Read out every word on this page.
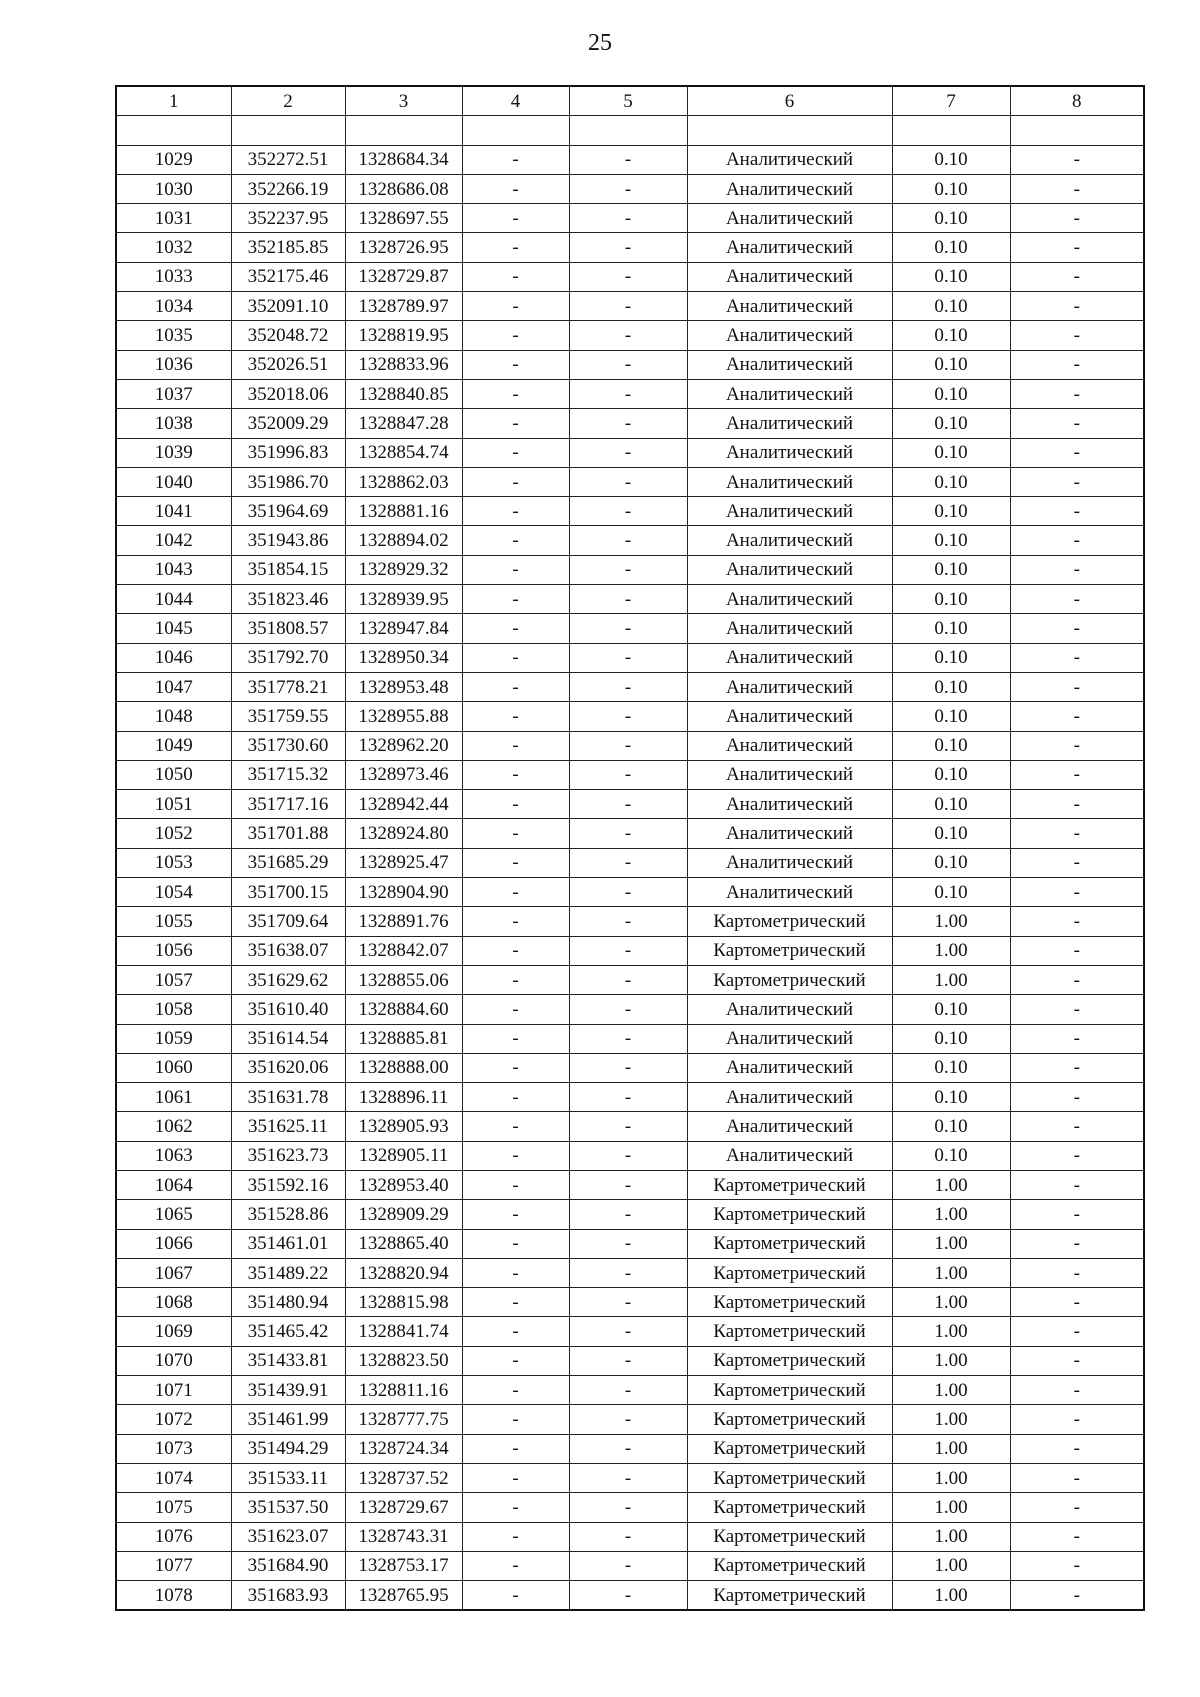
25
1	2	3	4	5	6	7	8

1029	352272.51	1328684.34	-	-	Аналитический	0.10	-
1030	352266.19	1328686.08	-	-	Аналитический	0.10	-
1031	352237.95	1328697.55	-	-	Аналитический	0.10	-
1032	352185.85	1328726.95	-	-	Аналитический	0.10	-
1033	352175.46	1328729.87	-	-	Аналитический	0.10	-
1034	352091.10	1328789.97	-	-	Аналитический	0.10	-
1035	352048.72	1328819.95	-	-	Аналитический	0.10	-
1036	352026.51	1328833.96	-	-	Аналитический	0.10	-
1037	352018.06	1328840.85	-	-	Аналитический	0.10	-
1038	352009.29	1328847.28	-	-	Аналитический	0.10	-
1039	351996.83	1328854.74	-	-	Аналитический	0.10	-
1040	351986.70	1328862.03	-	-	Аналитический	0.10	-
1041	351964.69	1328881.16	-	-	Аналитический	0.10	-
1042	351943.86	1328894.02	-	-	Аналитический	0.10	-
1043	351854.15	1328929.32	-	-	Аналитический	0.10	-
1044	351823.46	1328939.95	-	-	Аналитический	0.10	-
1045	351808.57	1328947.84	-	-	Аналитический	0.10	-
1046	351792.70	1328950.34	-	-	Аналитический	0.10	-
1047	351778.21	1328953.48	-	-	Аналитический	0.10	-
1048	351759.55	1328955.88	-	-	Аналитический	0.10	-
1049	351730.60	1328962.20	-	-	Аналитический	0.10	-
1050	351715.32	1328973.46	-	-	Аналитический	0.10	-
1051	351717.16	1328942.44	-	-	Аналитический	0.10	-
1052	351701.88	1328924.80	-	-	Аналитический	0.10	-
1053	351685.29	1328925.47	-	-	Аналитический	0.10	-
1054	351700.15	1328904.90	-	-	Аналитический	0.10	-
1055	351709.64	1328891.76	-	-	Картометрический	1.00	-
1056	351638.07	1328842.07	-	-	Картометрический	1.00	-
1057	351629.62	1328855.06	-	-	Картометрический	1.00	-
1058	351610.40	1328884.60	-	-	Аналитический	0.10	-
1059	351614.54	1328885.81	-	-	Аналитический	0.10	-
1060	351620.06	1328888.00	-	-	Аналитический	0.10	-
1061	351631.78	1328896.11	-	-	Аналитический	0.10	-
1062	351625.11	1328905.93	-	-	Аналитический	0.10	-
1063	351623.73	1328905.11	-	-	Аналитический	0.10	-
1064	351592.16	1328953.40	-	-	Картометрический	1.00	-
1065	351528.86	1328909.29	-	-	Картометрический	1.00	-
1066	351461.01	1328865.40	-	-	Картометрический	1.00	-
1067	351489.22	1328820.94	-	-	Картометрический	1.00	-
1068	351480.94	1328815.98	-	-	Картометрический	1.00	-
1069	351465.42	1328841.74	-	-	Картометрический	1.00	-
1070	351433.81	1328823.50	-	-	Картометрический	1.00	-
1071	351439.91	1328811.16	-	-	Картометрический	1.00	-
1072	351461.99	1328777.75	-	-	Картометрический	1.00	-
1073	351494.29	1328724.34	-	-	Картометрический	1.00	-
1074	351533.11	1328737.52	-	-	Картометрический	1.00	-
1075	351537.50	1328729.67	-	-	Картометрический	1.00	-
1076	351623.07	1328743.31	-	-	Картометрический	1.00	-
1077	351684.90	1328753.17	-	-	Картометрический	1.00	-
1078	351683.93	1328765.95	-	-	Картометрический	1.00	-
